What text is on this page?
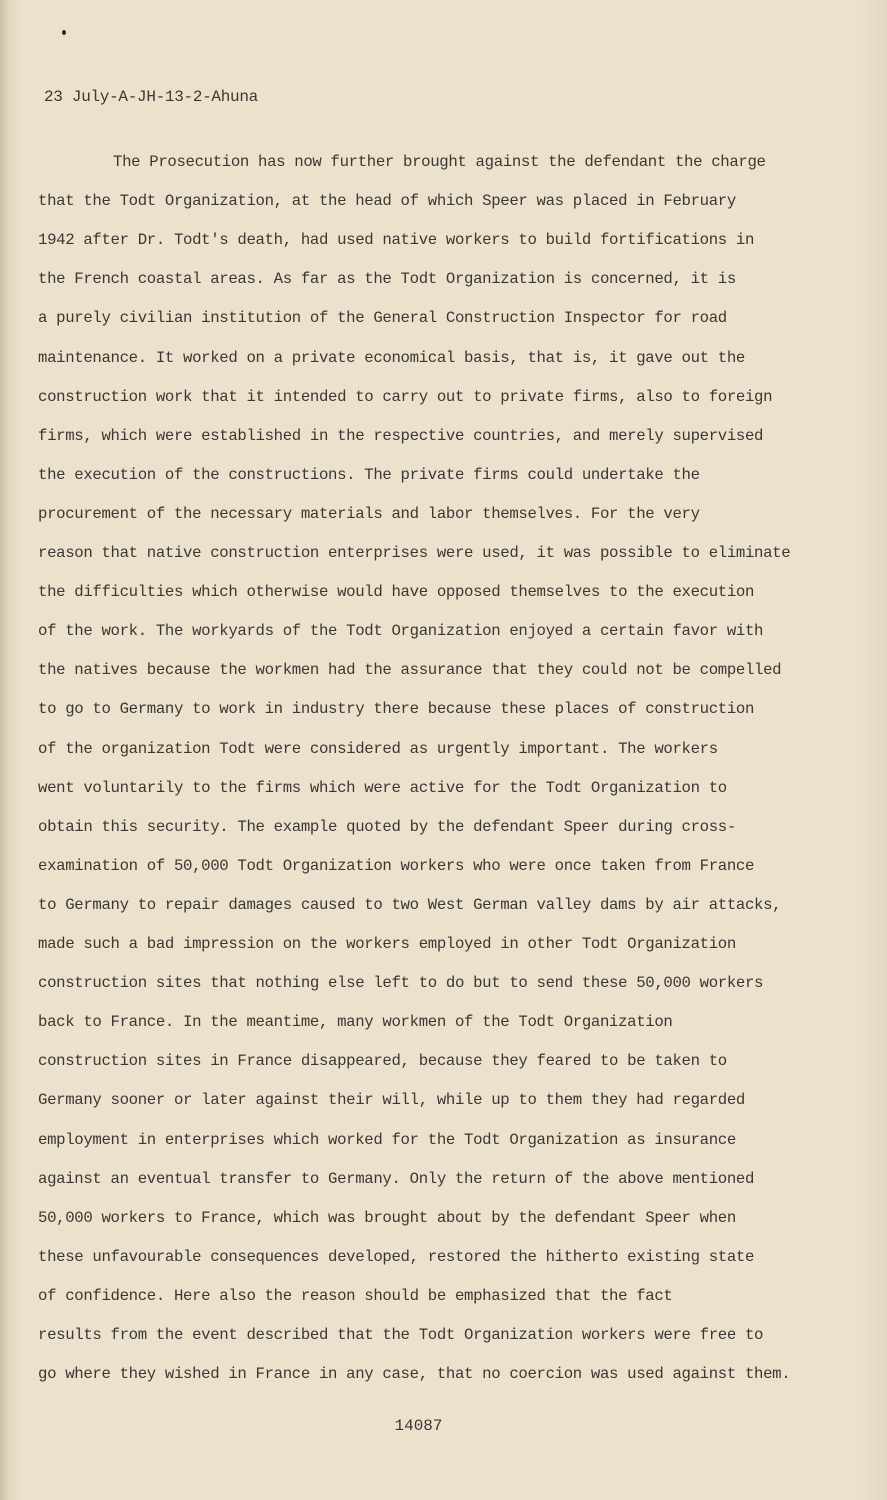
23 July-A-JH-13-2-Ahuna
The Prosecution has now further brought against the defendant the charge
that the Todt Organization, at the head of which Speer was placed in February
1942 after Dr. Todt's death, had used native workers to build fortifications in
the French coastal areas. As far as the Todt Organization is concerned, it is
a purely civilian institution of the General Construction Inspector for road
maintenance. It worked on a private economical basis, that is, it gave out the
construction work that it intended to carry out to private firms, also to foreign
firms, which were established in the respective countries, and merely supervised
the execution of the constructions. The private firms could undertake the
procurement of the necessary materials and labor themselves. For the very
reason that native construction enterprises were used, it was possible to eliminate
the difficulties which otherwise would have opposed themselves to the execution
of the work. The workyards of the Todt Organization enjoyed a certain favor with
the natives because the workmen had the assurance that they could not be compelled
to go to Germany to work in industry there because these places of construction
of the organization Todt were considered as urgently important. The workers
went voluntarily to the firms which were active for the Todt Organization to
obtain this security. The example quoted by the defendant Speer during cross-
examination of 50,000 Todt Organization workers who were once taken from France
to Germany to repair damages caused to two West German valley dams by air attacks,
made such a bad impression on the workers employed in other Todt Organization
construction sites that nothing else left to do but to send these 50,000 workers
back to France. In the meantime, many workmen of the Todt Organization
construction sites in France disappeared, because they feared to be taken to
Germany sooner or later against their will, while up to them they had regarded
employment in enterprises which worked for the Todt Organization as insurance
against an eventual transfer to Germany. Only the return of the above mentioned
50,000 workers to France, which was brought about by the defendant Speer when
these unfavourable consequences developed, restored the hitherto existing state
of confidence. Here also the reason should be emphasized that the fact
results from the event described that the Todt Organization workers were free to
go where they wished in France in any case, that no coercion was used against them.
14087
